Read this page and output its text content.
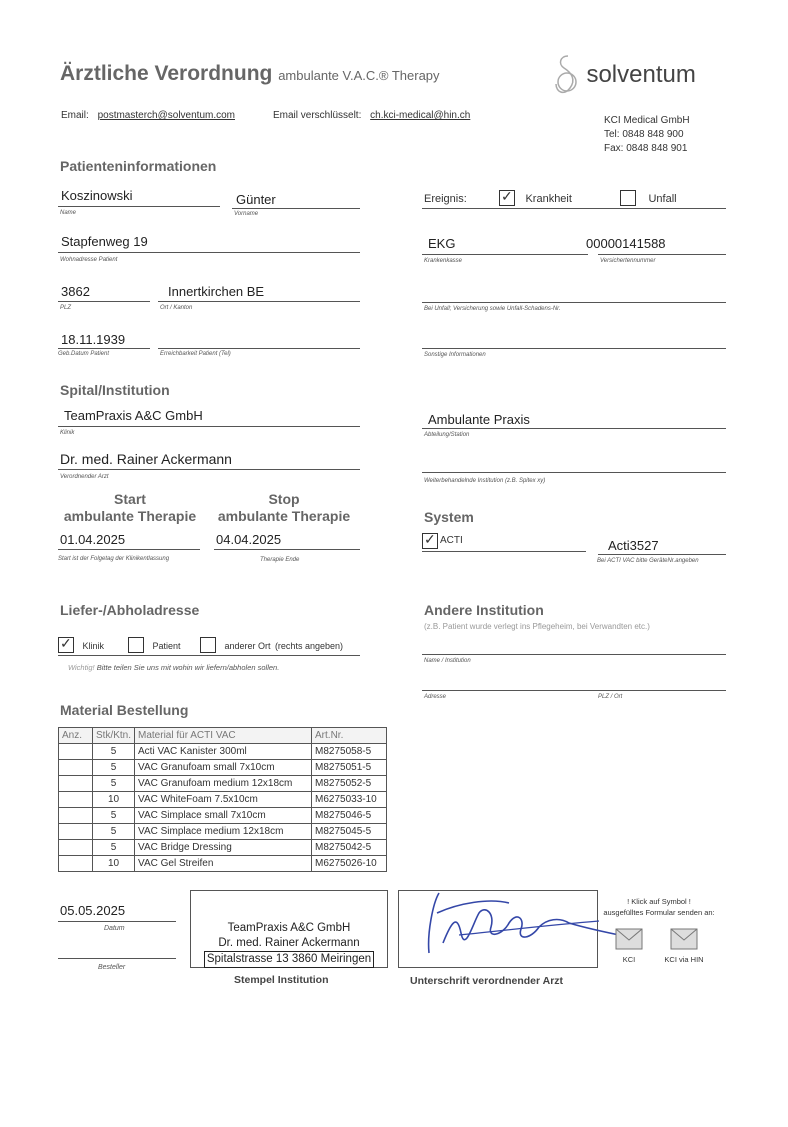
Ärztliche Verordnung ambulante V.A.C.® Therapy	solventum
Email: postmasterch@solventum.com	Email verschlüsselt: ch.kci-medical@hin.ch	KCI Medical GmbH
Tel: 0848 848 900
Fax: 0848 848 901
Patienteninformationen
Koszinowski
Name
Günter
Vorname
Stapfenweg 19
Wohnadresse Patient
3862
PLZ
Innertkirchen BE
Ort / Kanton
18.11.1939
Geb.Datum Patient	Erreichbarkeit Patient (Tel)
Ereignis: ✓ Krankheit	Unfall
EKG
Krankenkasse
00000141588
Versichertennummer
Bei Unfall; Versicherung sowie Unfall-Schadens-Nr.
Sonstige Informationen
Spital/Institution
TeamPraxis A&C GmbH
Klinik
Dr. med. Rainer Ackermann
Verordnender Arzt
Ambulante Praxis
Abteilung/Station
Weiterbehandelnde Institution (z.B. Spitex xy)
Start
ambulante Therapie
Stop
ambulante Therapie
01.04.2025
Start ist der Folgetag der Klinikentlassung
04.04.2025
Therapie Ende
System
✓ ACTI	Acti3527
Bei ACTI VAC bitte GeräteNr.angeben
Liefer-/Abholadresse
✓ Klinik	Patient	anderer Ort (rechts angeben)
Wichtig! Bitte teilen Sie uns mit wohin wir liefern/abholen sollen.
Andere Institution
(z.B. Patient wurde verlegt ins Pflegeheim, bei Verwandten etc.)
Name / Institution
Adresse	PLZ / Ort
Material Bestellung
Anz.	Stk/Ktn.	Material für ACTI VAC	Art.Nr.
	5	Acti VAC Kanister 300ml	M8275058-5
	5	VAC Granufoam small 7x10cm	M8275051-5
	5	VAC Granufoam medium 12x18cm	M8275052-5
	10	VAC WhiteFoam 7.5x10cm	M6275033-10
	5	VAC Simplace small 7x10cm	M8275046-5
	5	VAC Simplace medium 12x18cm	M8275045-5
	5	VAC Bridge Dressing	M8275042-5
	10	VAC Gel Streifen	M6275026-10
05.05.2025
Datum
Besteller
TeamPraxis A&C GmbH
Dr. med. Rainer Ackermann
Spitalstrasse 13 3860 Meiringen
Stempel Institution	Unterschrift verordnender Arzt
! Klick auf Symbol !
ausgefülltes Formular senden an:
KCI	KCI via HIN
